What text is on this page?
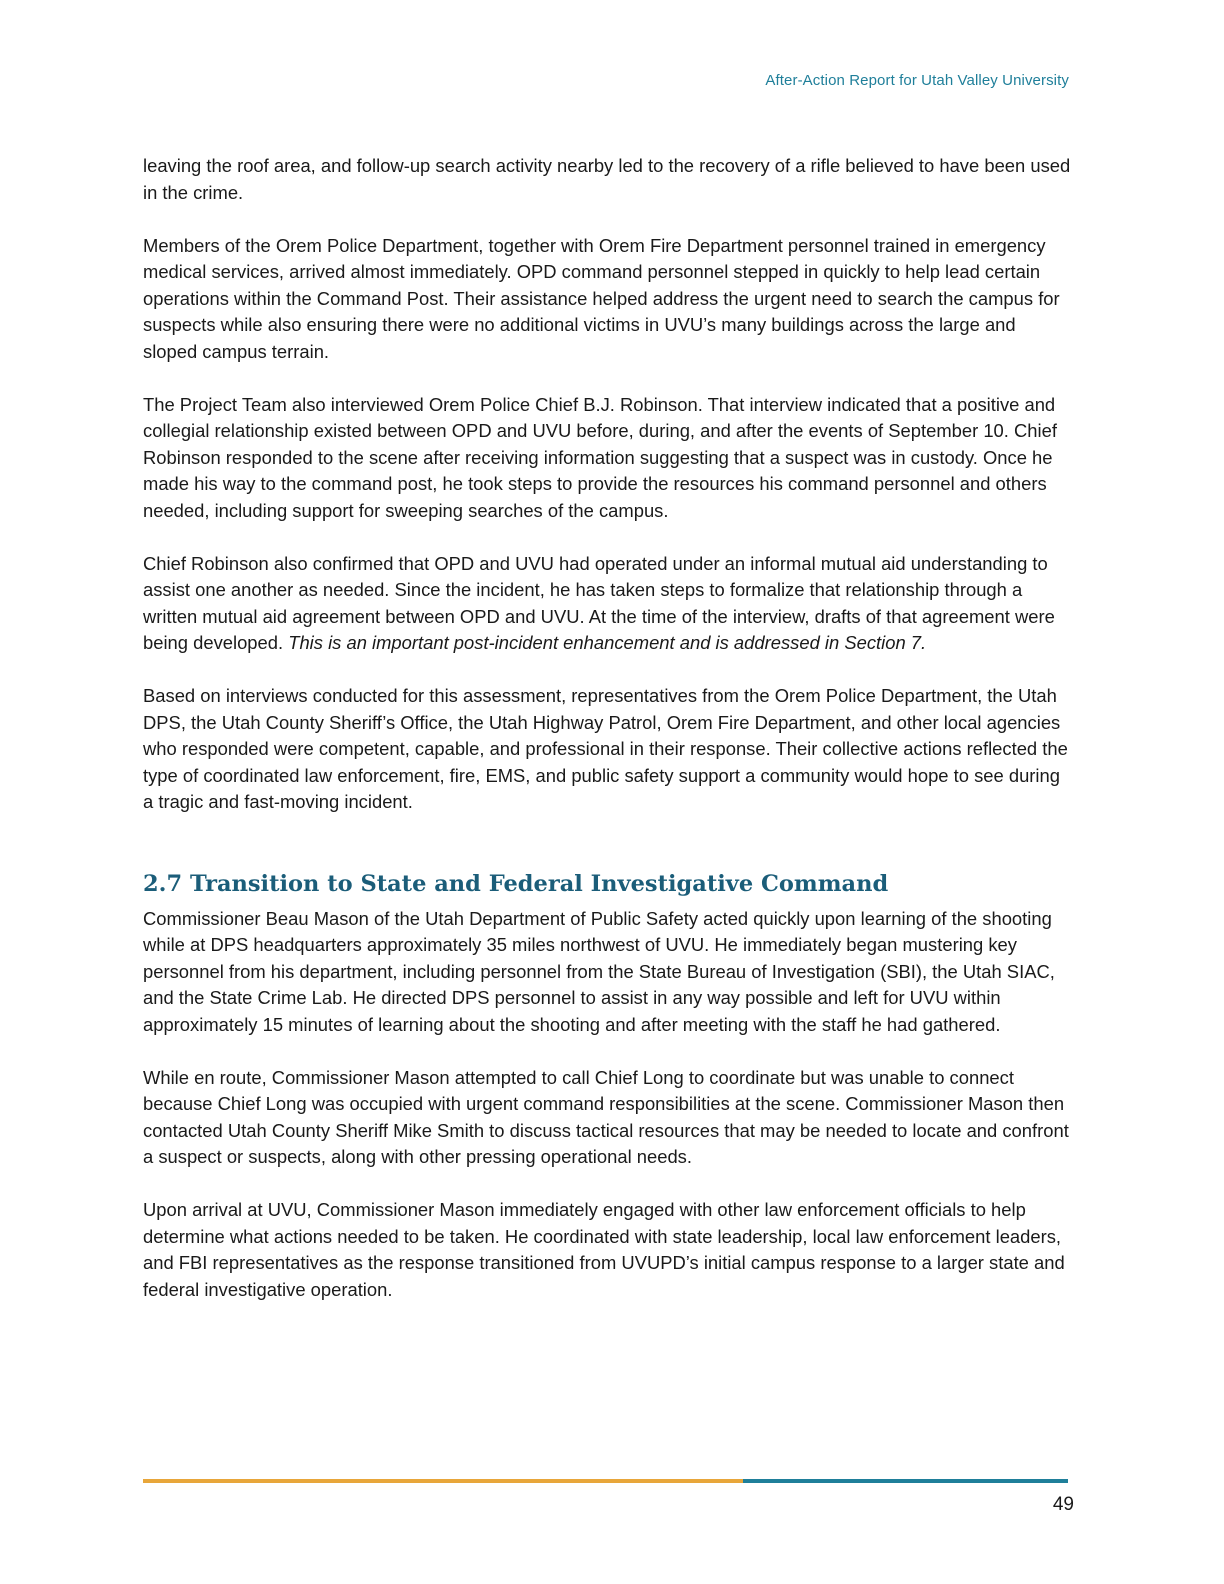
After-Action Report for Utah Valley University

leaving the roof area, and follow-up search activity nearby led to the recovery of a rifle believed to have been used in the crime.

Members of the Orem Police Department, together with Orem Fire Department personnel trained in emergency medical services, arrived almost immediately. OPD command personnel stepped in quickly to help lead certain operations within the Command Post. Their assistance helped address the urgent need to search the campus for suspects while also ensuring there were no additional victims in UVU’s many buildings across the large and sloped campus terrain.

The Project Team also interviewed Orem Police Chief B.J. Robinson. That interview indicated that a positive and collegial relationship existed between OPD and UVU before, during, and after the events of September 10. Chief Robinson responded to the scene after receiving information suggesting that a suspect was in custody. Once he made his way to the command post, he took steps to provide the resources his command personnel and others needed, including support for sweeping searches of the campus.

Chief Robinson also confirmed that OPD and UVU had operated under an informal mutual aid understanding to assist one another as needed. Since the incident, he has taken steps to formalize that relationship through a written mutual aid agreement between OPD and UVU. At the time of the interview, drafts of that agreement were being developed. This is an important post-incident enhancement and is addressed in Section 7.

Based on interviews conducted for this assessment, representatives from the Orem Police Department, the Utah DPS, the Utah County Sheriff’s Office, the Utah Highway Patrol, Orem Fire Department, and other local agencies who responded were competent, capable, and professional in their response. Their collective actions reflected the type of coordinated law enforcement, fire, EMS, and public safety support a community would hope to see during a tragic and fast-moving incident.

2.7 Transition to State and Federal Investigative Command

Commissioner Beau Mason of the Utah Department of Public Safety acted quickly upon learning of the shooting while at DPS headquarters approximately 35 miles northwest of UVU. He immediately began mustering key personnel from his department, including personnel from the State Bureau of Investigation (SBI), the Utah SIAC, and the State Crime Lab. He directed DPS personnel to assist in any way possible and left for UVU within approximately 15 minutes of learning about the shooting and after meeting with the staff he had gathered.

While en route, Commissioner Mason attempted to call Chief Long to coordinate but was unable to connect because Chief Long was occupied with urgent command responsibilities at the scene. Commissioner Mason then contacted Utah County Sheriff Mike Smith to discuss tactical resources that may be needed to locate and confront a suspect or suspects, along with other pressing operational needs.

Upon arrival at UVU, Commissioner Mason immediately engaged with other law enforcement officials to help determine what actions needed to be taken. He coordinated with state leadership, local law enforcement leaders, and FBI representatives as the response transitioned from UVUPD’s initial campus response to a larger state and federal investigative operation.

49
